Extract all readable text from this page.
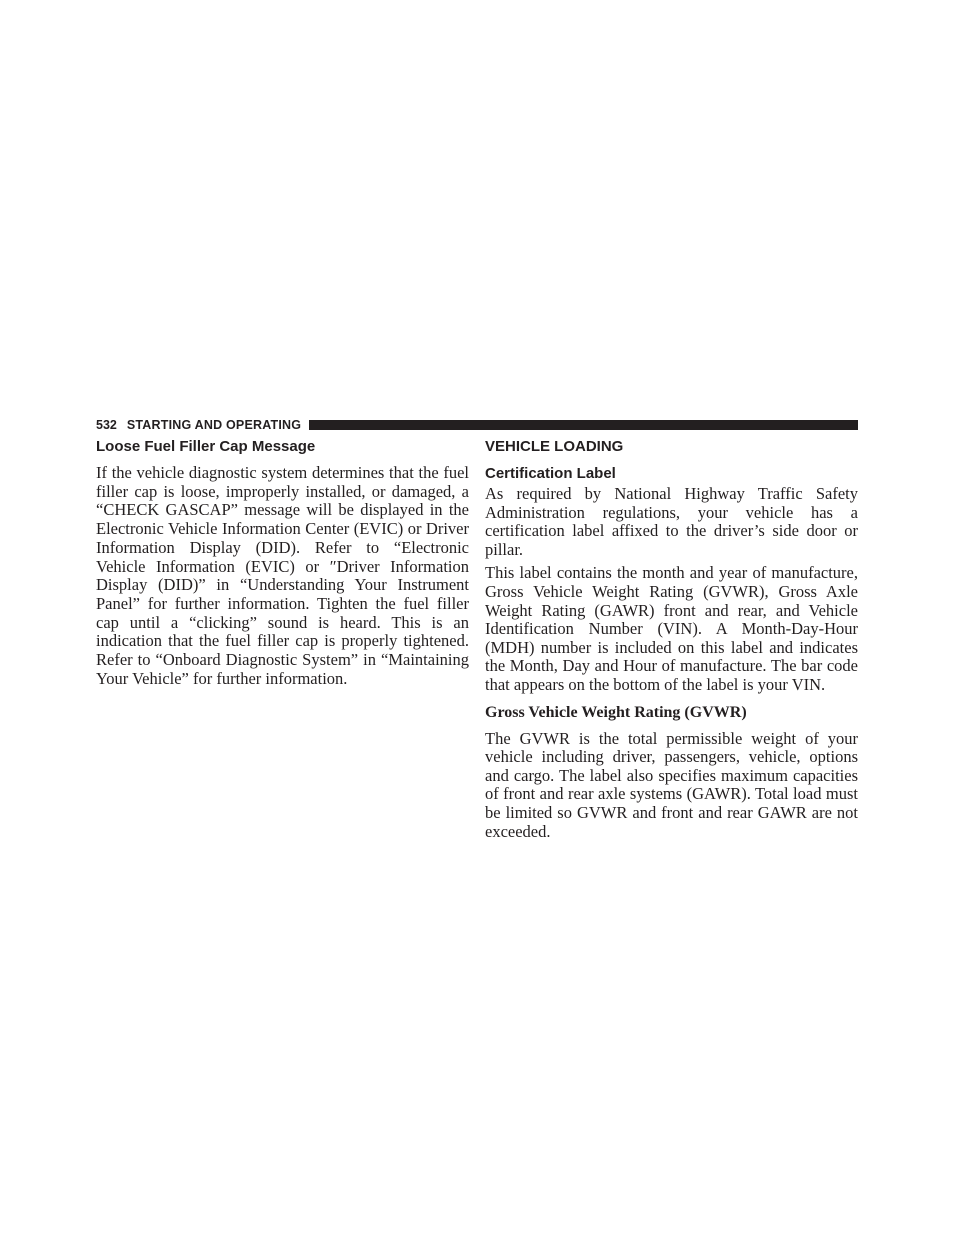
532 STARTING AND OPERATING
Loose Fuel Filler Cap Message

If the vehicle diagnostic system determines that the fuel filler cap is loose, improperly installed, or damaged, a “CHECK GASCAP” message will be displayed in the Electronic Vehicle Information Center (EVIC) or Driver Information Display (DID). Refer to “Electronic Vehicle Information (EVIC) or ″Driver Information Display (DID)” in “Understanding Your Instrument Panel” for further information. Tighten the fuel filler cap until a “clicking” sound is heard. This is an indication that the fuel filler cap is properly tightened. Refer to “Onboard Diagnostic System” in “Maintaining Your Vehicle” for further information.

VEHICLE LOADING
Certification Label

As required by National Highway Traffic Safety Administration regulations, your vehicle has a certification label affixed to the driver’s side door or pillar.

This label contains the month and year of manufacture, Gross Vehicle Weight Rating (GVWR), Gross Axle Weight Rating (GAWR) front and rear, and Vehicle Identification Number (VIN). A Month-Day-Hour (MDH) number is included on this label and indicates the Month, Day and Hour of manufacture. The bar code that appears on the bottom of the label is your VIN.

Gross Vehicle Weight Rating (GVWR)

The GVWR is the total permissible weight of your vehicle including driver, passengers, vehicle, options and cargo. The label also specifies maximum capacities of front and rear axle systems (GAWR). Total load must be limited so GVWR and front and rear GAWR are not exceeded.
